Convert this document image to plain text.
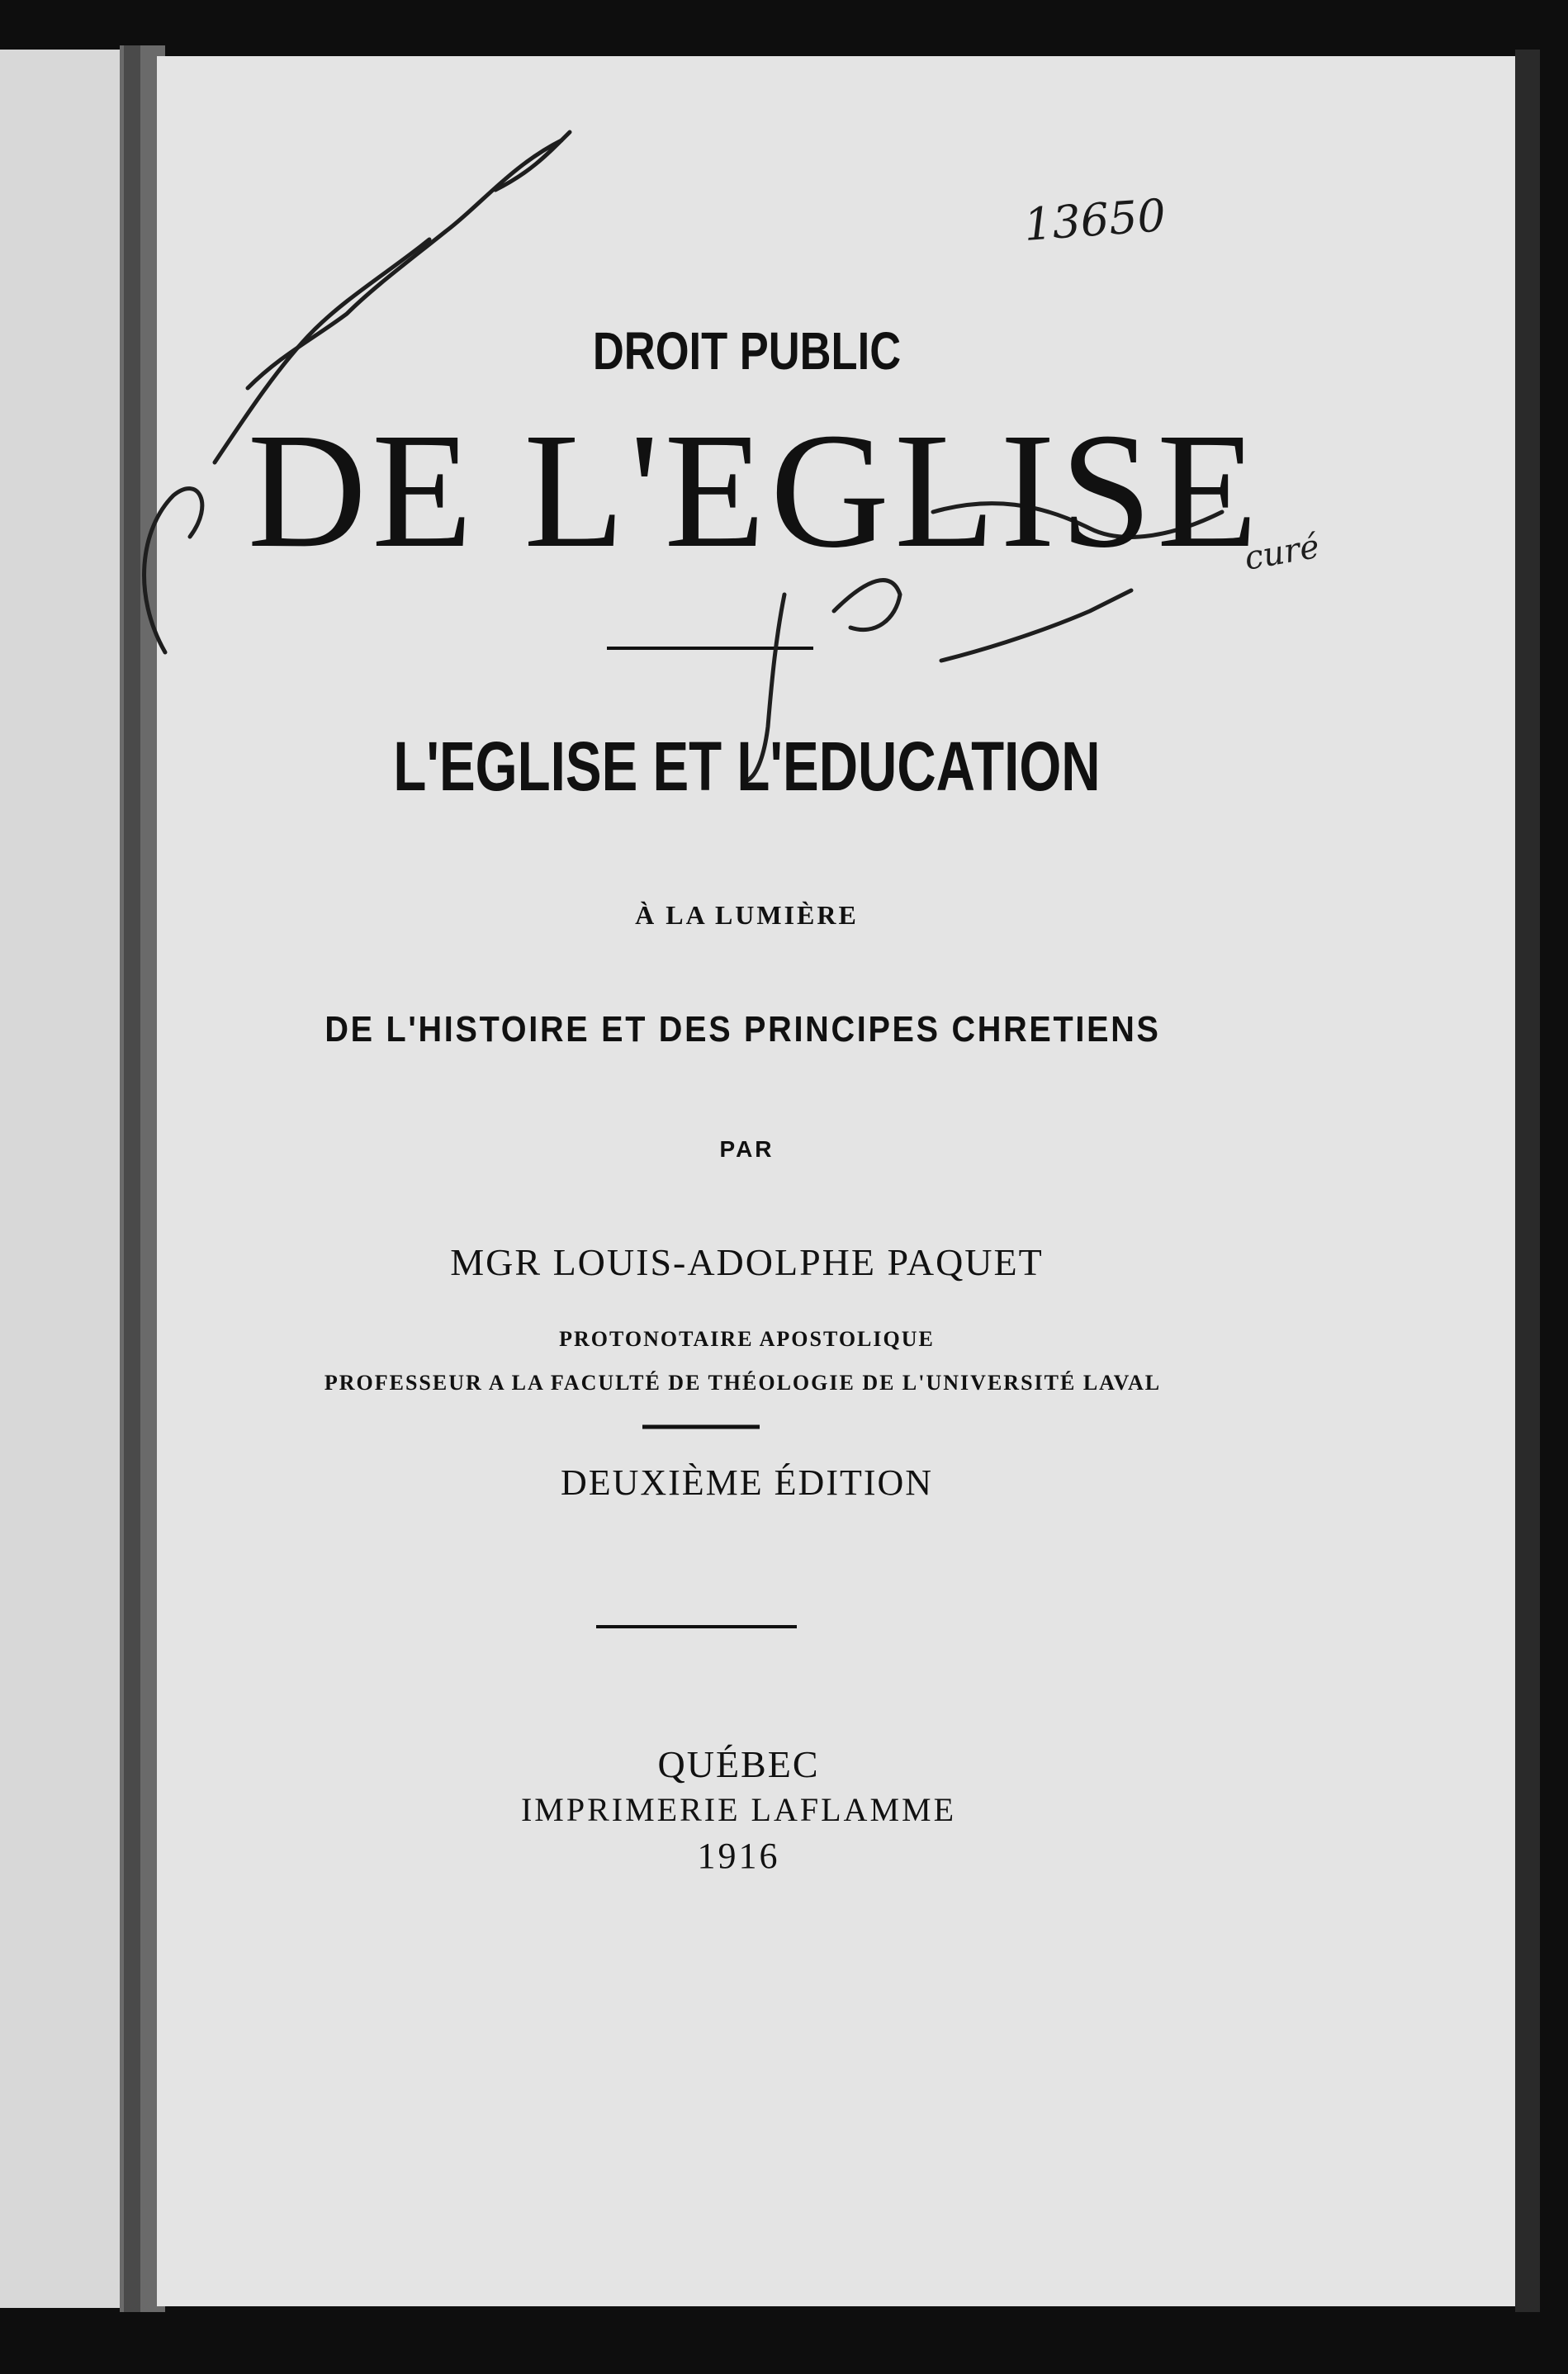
curé
13650

DROIT PUBLIC

DE L'EGLISE

L'EGLISE ET L'EDUCATION

À LA LUMIÈRE

DE L'HISTOIRE ET DES PRINCIPES CHRETIENS

PAR

MGR LOUIS-ADOLPHE PAQUET

PROTONOTAIRE APOSTOLIQUE

PROFESSEUR A LA FACULTÉ DE THÉOLOGIE DE L'UNIVERSITÉ LAVAL

DEUXIÈME ÉDITION

QUÉBEC

IMPRIMERIE LAFLAMME

1916
